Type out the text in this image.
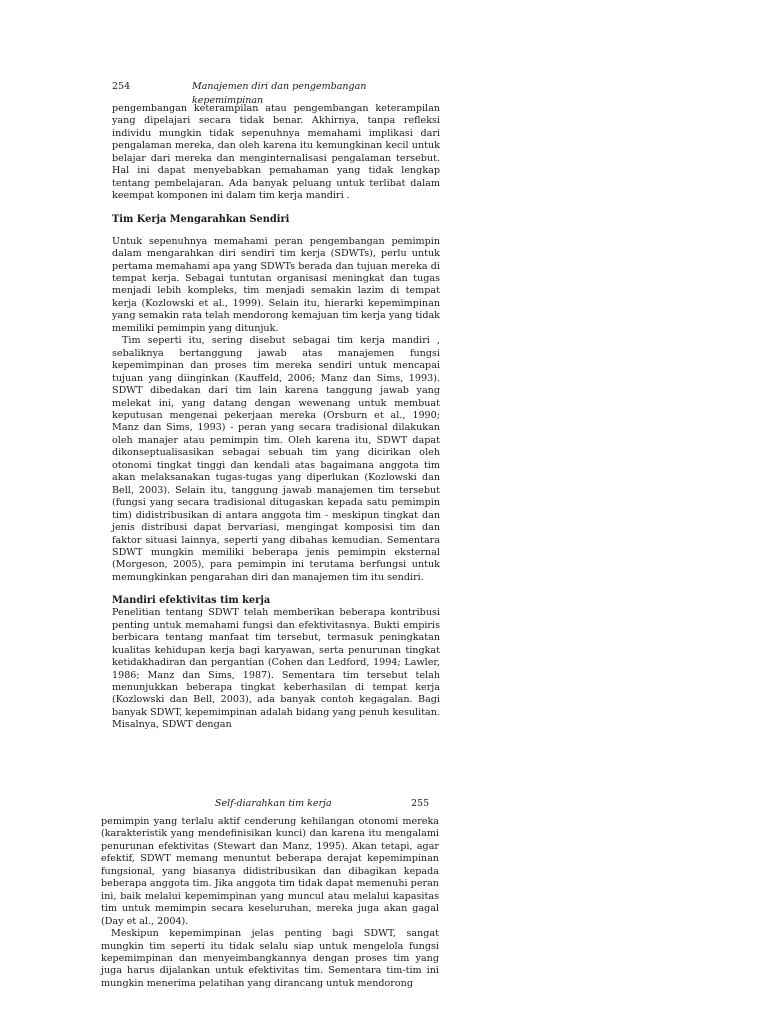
254	Manajemen diri dan pengembangan kepemimpinan

pengembangan keterampilan atau pengembangan keterampilan yang dipelajari secara tidak benar. Akhirnya, tanpa refleksi individu mungkin tidak sepenuhnya memahami implikasi dari pengalaman mereka, dan oleh karena itu kemungkinan kecil untuk belajar dari mereka dan menginternalisasi pengalaman tersebut. Hal ini dapat menyebabkan pemahaman yang tidak lengkap tentang pembelajaran. Ada banyak peluang untuk terlibat dalam keempat komponen ini dalam tim kerja mandiri .

Tim Kerja Mengarahkan Sendiri

Untuk sepenuhnya memahami peran pengembangan pemimpin dalam mengarahkan diri sendiri tim kerja (SDWTs), perlu untuk pertama memahami apa yang SDWTs berada dan tujuan mereka di tempat kerja. Sebagai tuntutan organisasi meningkat dan tugas menjadi lebih kompleks, tim menjadi semakin lazim di tempat kerja (Kozlowski et al., 1999). Selain itu, hierarki kepemimpinan yang semakin rata telah mendorong kemajuan tim kerja yang tidak memiliki pemimpin yang ditunjuk.

Tim seperti itu, sering disebut sebagai tim kerja mandiri , sebaliknya bertanggung jawab atas manajemen fungsi kepemimpinan dan proses tim mereka sendiri untuk mencapai tujuan yang diinginkan (Kauffeld, 2006; Manz dan Sims, 1993). SDWT dibedakan dari tim lain karena tanggung jawab yang melekat ini, yang datang dengan wewenang untuk membuat keputusan mengenai pekerjaan mereka (Orsburn et al., 1990; Manz dan Sims, 1993) - peran yang secara tradisional dilakukan oleh manajer atau pemimpin tim. Oleh karena itu, SDWT dapat dikonseptualisasikan sebagai sebuah tim yang dicirikan oleh otonomi tingkat tinggi dan kendali atas bagaimana anggota tim akan melaksanakan tugas-tugas yang diperlukan (Kozlowski dan Bell, 2003). Selain itu, tanggung jawab manajemen tim tersebut (fungsi yang secara tradisional ditugaskan kepada satu pemimpin tim) didistribusikan di antara anggota tim - meskipun tingkat dan jenis distribusi dapat bervariasi, mengingat komposisi tim dan faktor situasi lainnya, seperti yang dibahas kemudian. Sementara SDWT mungkin memiliki beberapa jenis pemimpin eksternal (Morgeson, 2005), para pemimpin ini terutama berfungsi untuk memungkinkan pengarahan diri dan manajemen tim itu sendiri.

Mandiri efektivitas tim kerja

Penelitian tentang SDWT telah memberikan beberapa kontribusi penting untuk memahami fungsi dan efektivitasnya. Bukti empiris berbicara tentang manfaat tim tersebut, termasuk peningkatan kualitas kehidupan kerja bagi karyawan, serta penurunan tingkat ketidakhadiran dan pergantian (Cohen dan Ledford, 1994; Lawler, 1986; Manz dan Sims, 1987). Sementara tim tersebut telah menunjukkan beberapa tingkat keberhasilan di tempat kerja (Kozlowski dan Bell, 2003), ada banyak contoh kegagalan. Bagi banyak SDWT, kepemimpinan adalah bidang yang penuh kesulitan. Misalnya, SDWT dengan

Self-diarahkan tim kerja	255

pemimpin yang terlalu aktif cenderung kehilangan otonomi mereka (karakteristik yang mendefinisikan kunci) dan karena itu mengalami penurunan efektivitas (Stewart dan Manz, 1995). Akan tetapi, agar efektif, SDWT memang menuntut beberapa derajat kepemimpinan fungsional, yang biasanya didistribusikan dan dibagikan kepada beberapa anggota tim. Jika anggota tim tidak dapat memenuhi peran ini, baik melalui kepemimpinan yang muncul atau melalui kapasitas tim untuk memimpin secara keseluruhan, mereka juga akan gagal (Day et al., 2004).

Meskipun kepemimpinan jelas penting bagi SDWT, sangat mungkin tim seperti itu tidak selalu siap untuk mengelola fungsi kepemimpinan dan menyeimbangkannya dengan proses tim yang juga harus dijalankan untuk efektivitas tim. Sementara tim-tim ini mungkin menerima pelatihan yang dirancang untuk mendorong
